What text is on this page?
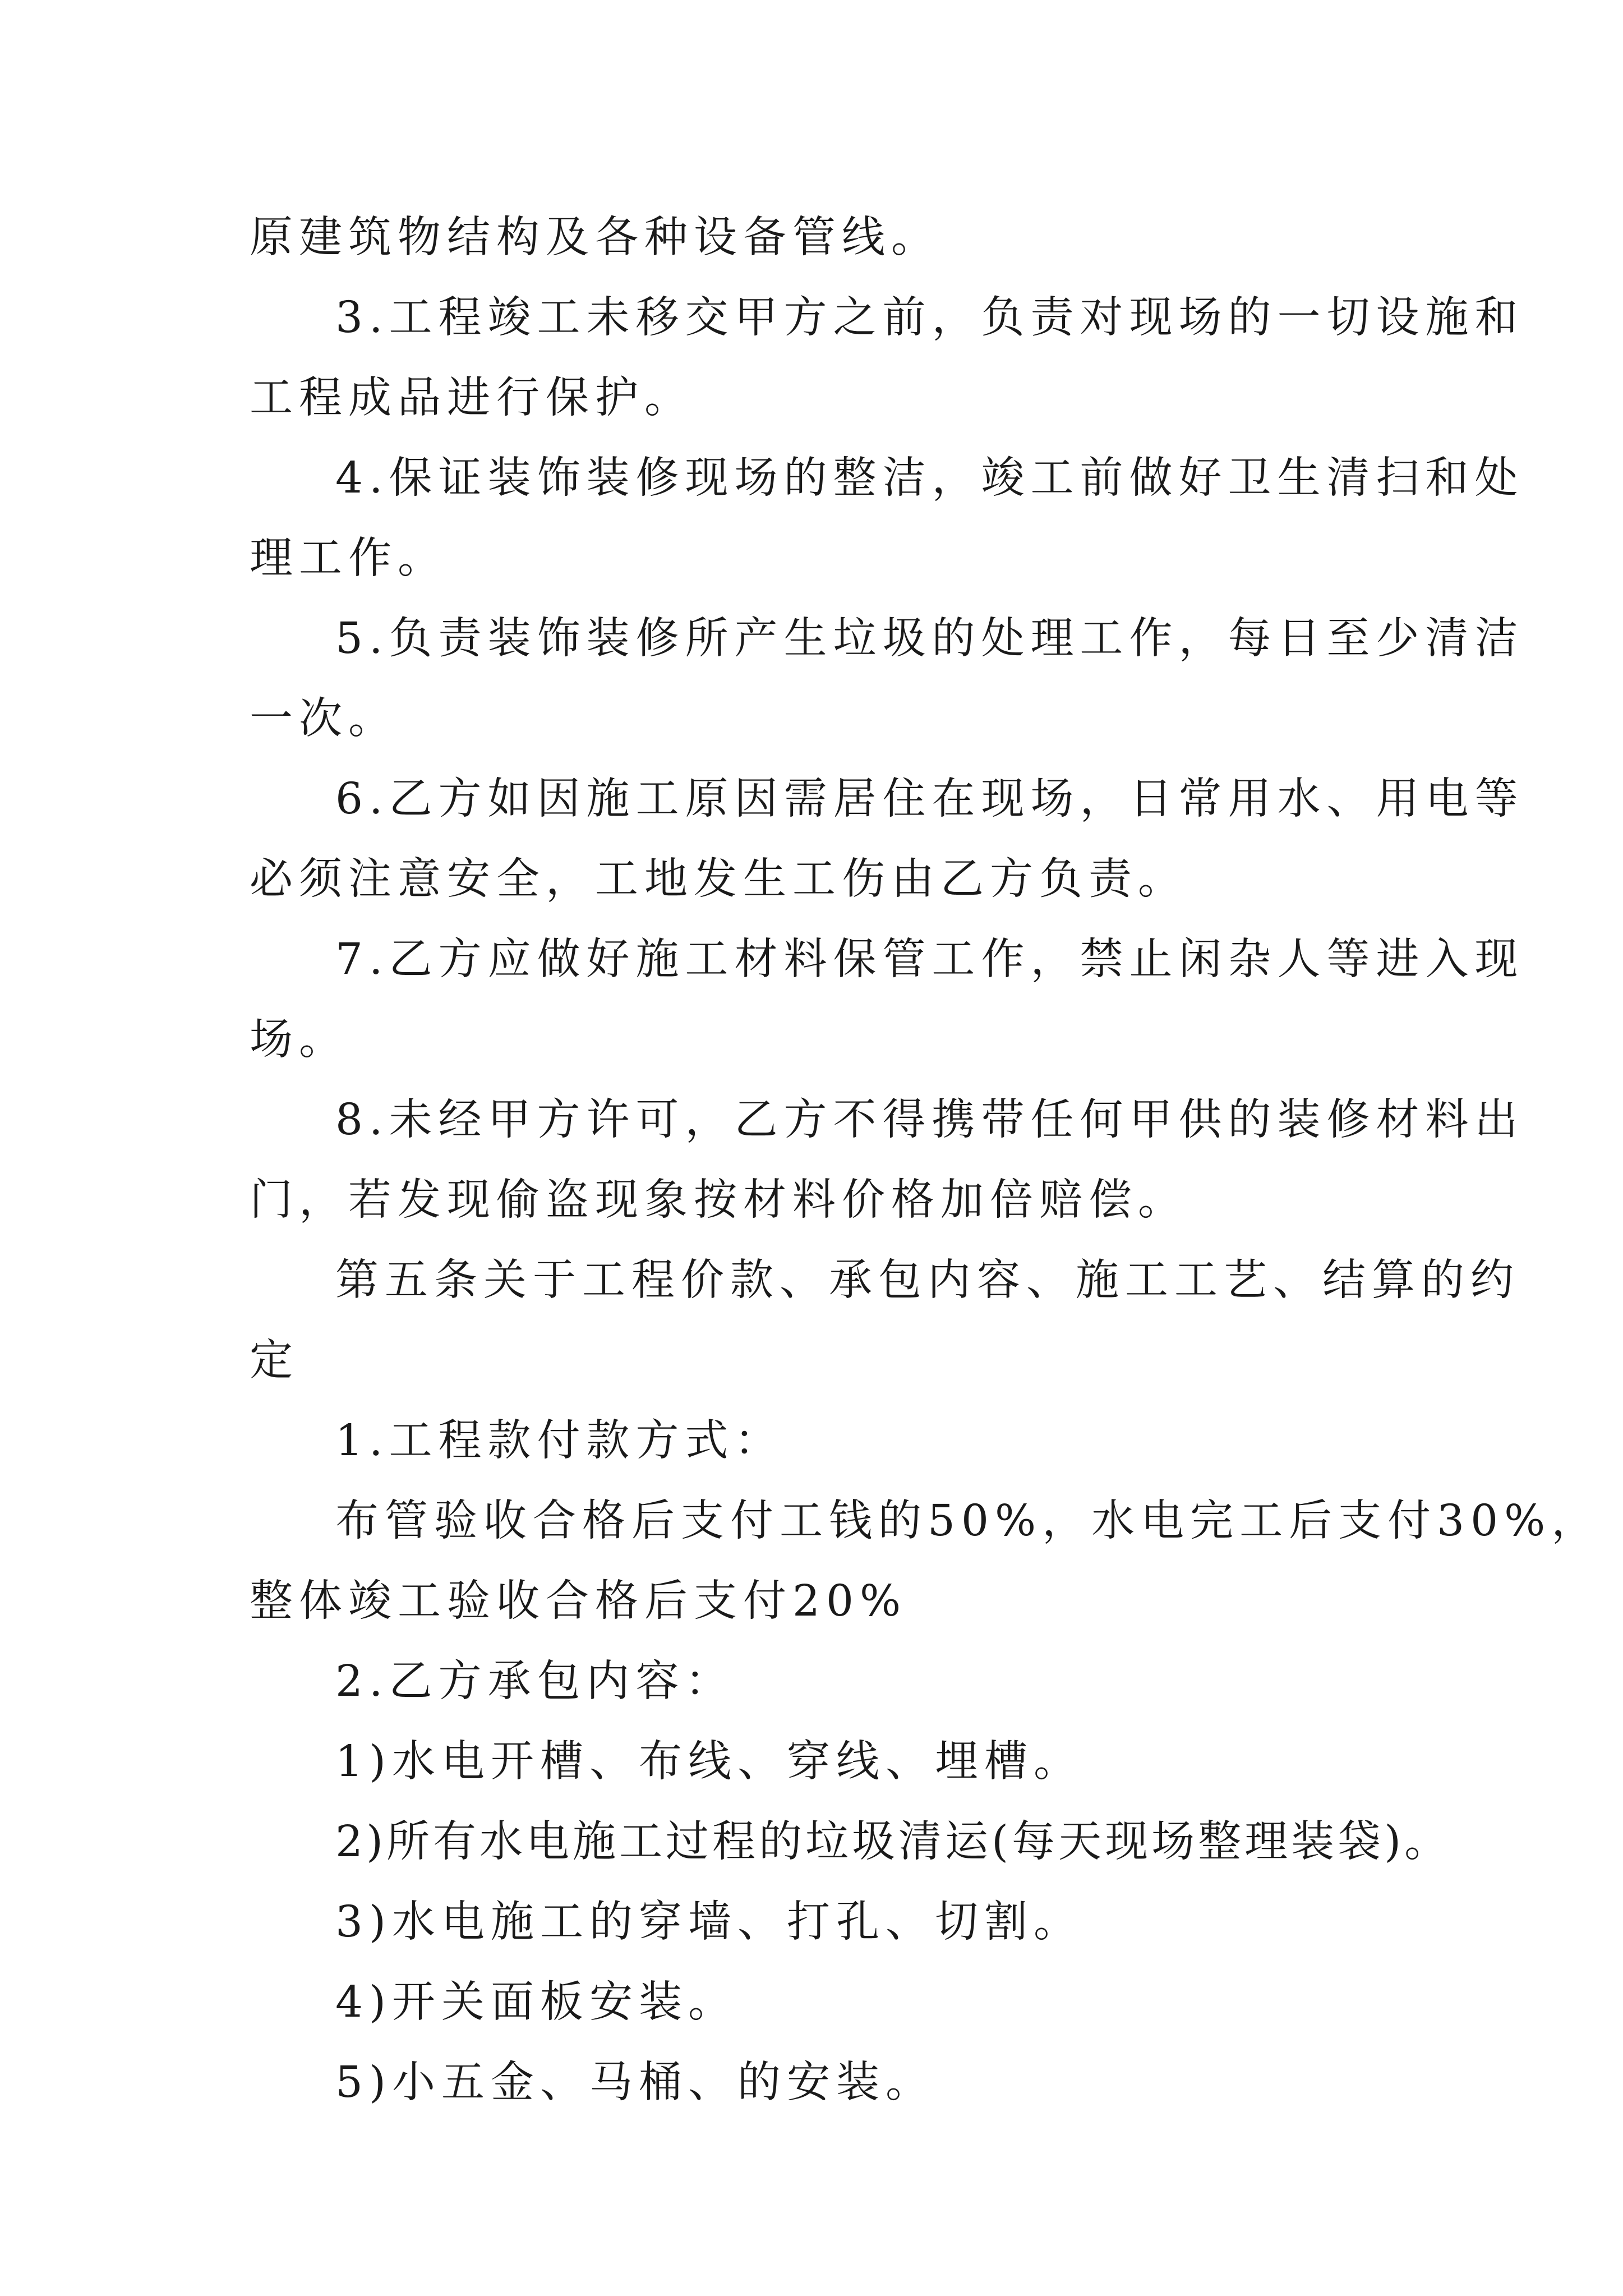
原建筑物结构及各种设备管线。
3.工程竣工未移交甲方之前，负责对现场的一切设施和
工程成品进行保护。
4.保证装饰装修现场的整洁，竣工前做好卫生清扫和处
理工作。
5.负责装饰装修所产生垃圾的处理工作，每日至少清洁
一次。
6.乙方如因施工原因需居住在现场，日常用水、用电等
必须注意安全，工地发生工伤由乙方负责。
7.乙方应做好施工材料保管工作，禁止闲杂人等进入现
场。
8.未经甲方许可，乙方不得携带任何甲供的装修材料出
门，若发现偷盗现象按材料价格加倍赔偿。
第五条关于工程价款、承包内容、施工工艺、结算的约
定
1.工程款付款方式：
布管验收合格后支付工钱的50%，水电完工后支付30%，
整体竣工验收合格后支付20%
2.乙方承包内容：
1)水电开槽、布线、穿线、埋槽。
2)所有水电施工过程的垃圾清运(每天现场整理装袋)。
3)水电施工的穿墙、打孔、切割。
4)开关面板安装。
5)小五金、马桶、的安装。
